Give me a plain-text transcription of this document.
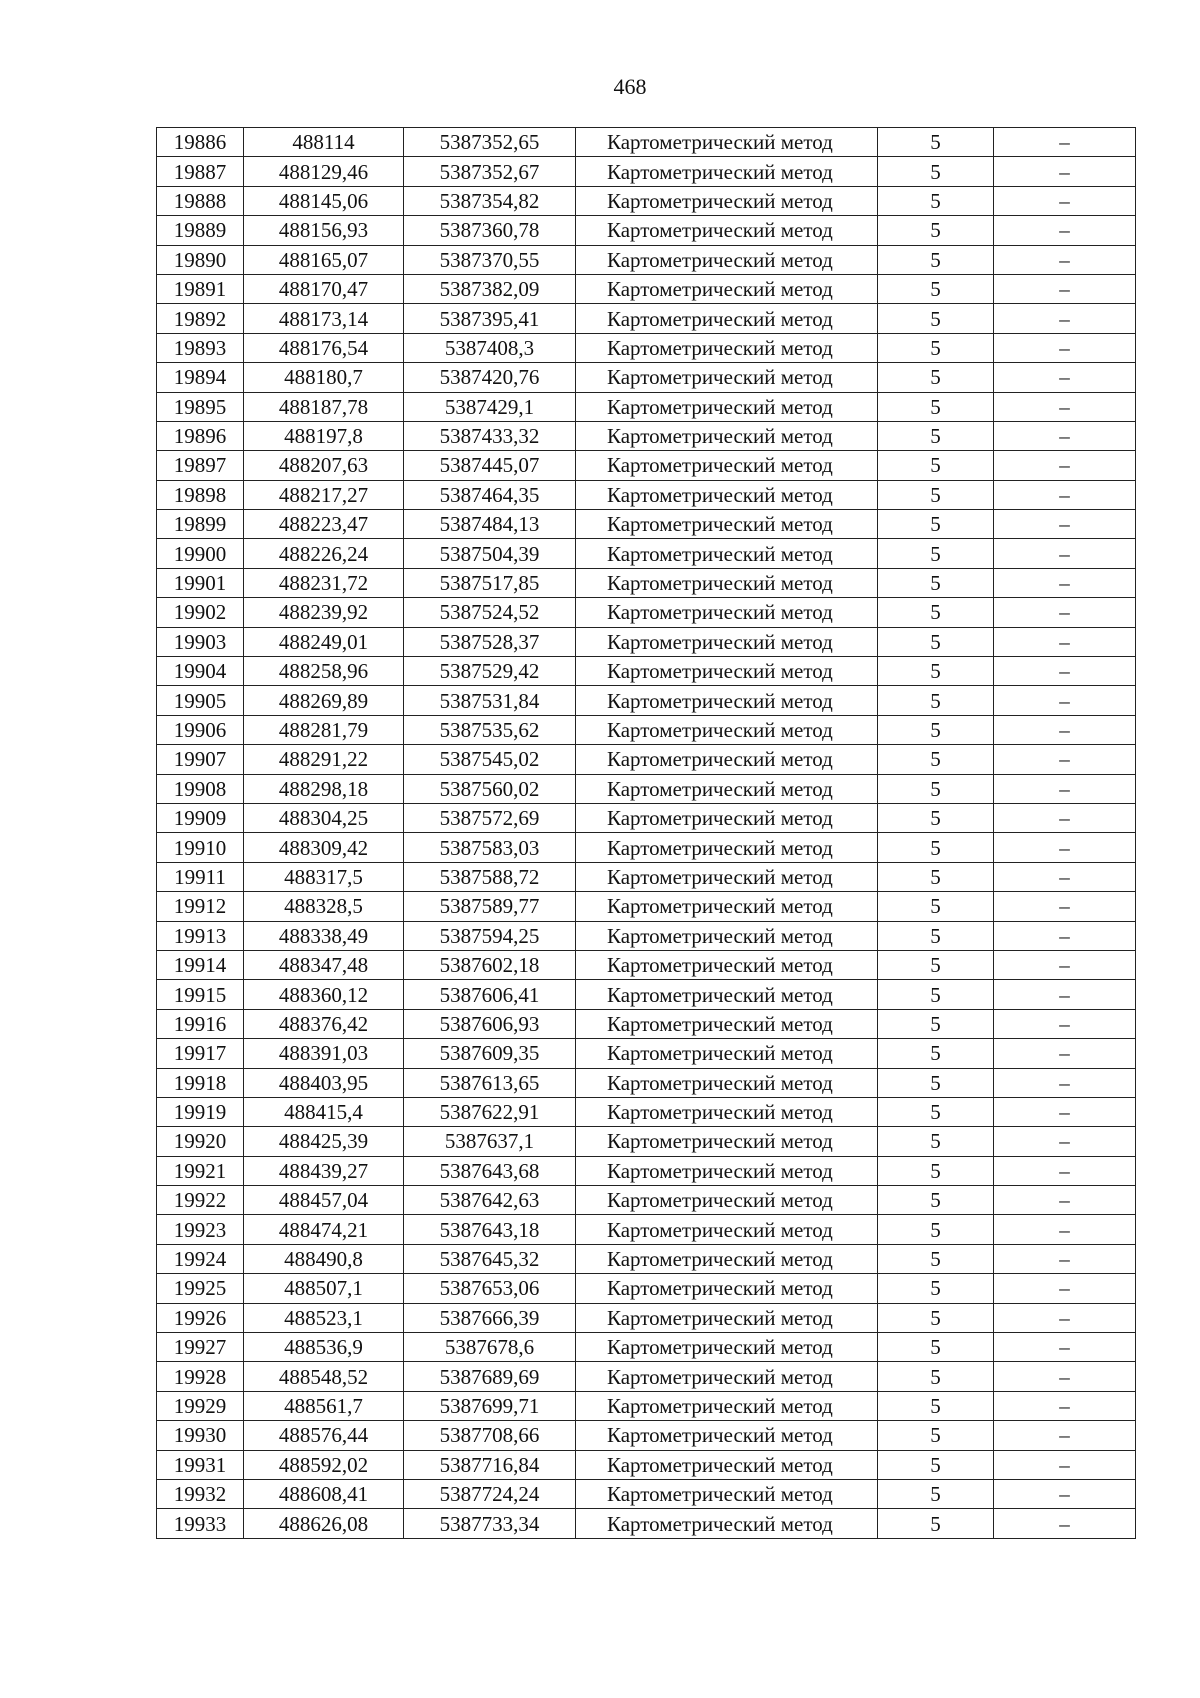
468
19886	488114	5387352,65	Картометрический метод	5	–
19887	488129,46	5387352,67	Картометрический метод	5	–
19888	488145,06	5387354,82	Картометрический метод	5	–
19889	488156,93	5387360,78	Картометрический метод	5	–
19890	488165,07	5387370,55	Картометрический метод	5	–
19891	488170,47	5387382,09	Картометрический метод	5	–
19892	488173,14	5387395,41	Картометрический метод	5	–
19893	488176,54	5387408,3	Картометрический метод	5	–
19894	488180,7	5387420,76	Картометрический метод	5	–
19895	488187,78	5387429,1	Картометрический метод	5	–
19896	488197,8	5387433,32	Картометрический метод	5	–
19897	488207,63	5387445,07	Картометрический метод	5	–
19898	488217,27	5387464,35	Картометрический метод	5	–
19899	488223,47	5387484,13	Картометрический метод	5	–
19900	488226,24	5387504,39	Картометрический метод	5	–
19901	488231,72	5387517,85	Картометрический метод	5	–
19902	488239,92	5387524,52	Картометрический метод	5	–
19903	488249,01	5387528,37	Картометрический метод	5	–
19904	488258,96	5387529,42	Картометрический метод	5	–
19905	488269,89	5387531,84	Картометрический метод	5	–
19906	488281,79	5387535,62	Картометрический метод	5	–
19907	488291,22	5387545,02	Картометрический метод	5	–
19908	488298,18	5387560,02	Картометрический метод	5	–
19909	488304,25	5387572,69	Картометрический метод	5	–
19910	488309,42	5387583,03	Картометрический метод	5	–
19911	488317,5	5387588,72	Картометрический метод	5	–
19912	488328,5	5387589,77	Картометрический метод	5	–
19913	488338,49	5387594,25	Картометрический метод	5	–
19914	488347,48	5387602,18	Картометрический метод	5	–
19915	488360,12	5387606,41	Картометрический метод	5	–
19916	488376,42	5387606,93	Картометрический метод	5	–
19917	488391,03	5387609,35	Картометрический метод	5	–
19918	488403,95	5387613,65	Картометрический метод	5	–
19919	488415,4	5387622,91	Картометрический метод	5	–
19920	488425,39	5387637,1	Картометрический метод	5	–
19921	488439,27	5387643,68	Картометрический метод	5	–
19922	488457,04	5387642,63	Картометрический метод	5	–
19923	488474,21	5387643,18	Картометрический метод	5	–
19924	488490,8	5387645,32	Картометрический метод	5	–
19925	488507,1	5387653,06	Картометрический метод	5	–
19926	488523,1	5387666,39	Картометрический метод	5	–
19927	488536,9	5387678,6	Картометрический метод	5	–
19928	488548,52	5387689,69	Картометрический метод	5	–
19929	488561,7	5387699,71	Картометрический метод	5	–
19930	488576,44	5387708,66	Картометрический метод	5	–
19931	488592,02	5387716,84	Картометрический метод	5	–
19932	488608,41	5387724,24	Картометрический метод	5	–
19933	488626,08	5387733,34	Картометрический метод	5	–
